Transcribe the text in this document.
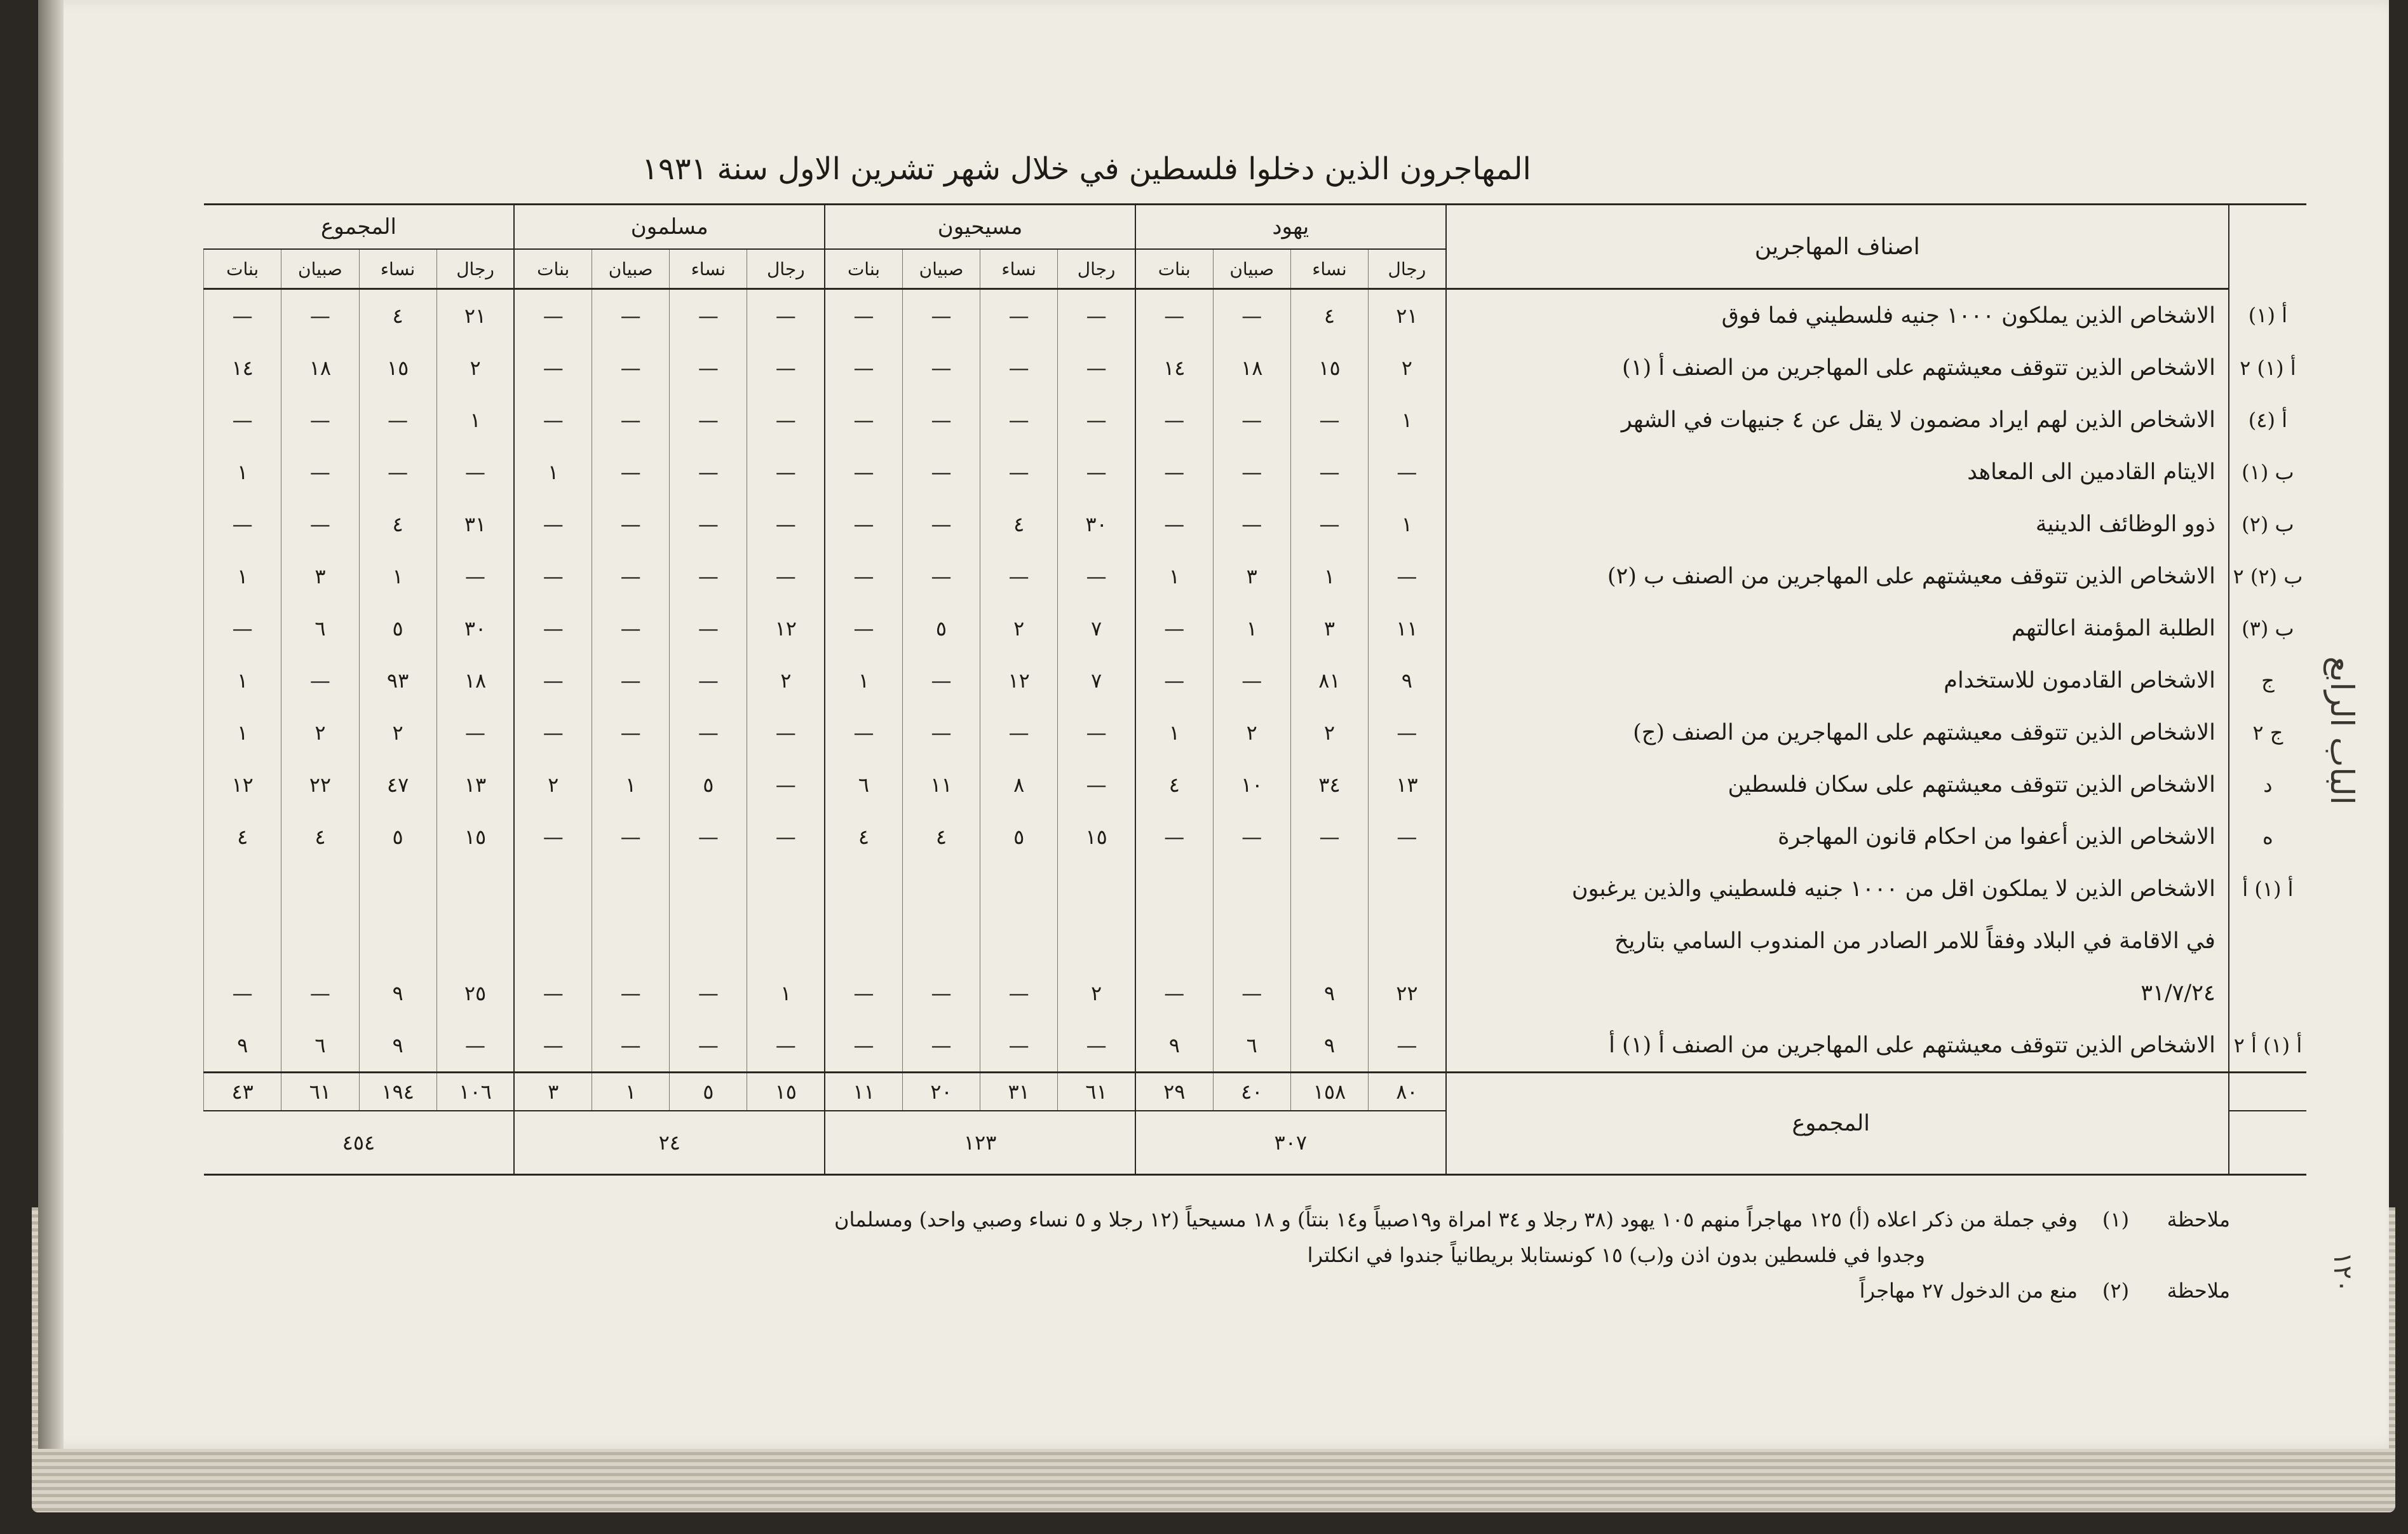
المهاجرون الذين دخلوا فلسطين في خلال شهر تشرين الاول سنة ١٩٣١
	اصناف المهاجرين	يهود				مسيحيون				مسلمون				المجموع			
		رجال	نساء	صبيان	بنات	رجال	نساء	صبيان	بنات	رجال	نساء	صبيان	بنات	رجال	نساء	صبيان	بنات
أ (١)	الاشخاص الذين يملكون ١٠٠٠ جنيه فلسطيني فما فوق	٢١	٤	—	—	—	—	—	—	—	—	—	—	٢١	٤	—	—
أ (١) ٢	الاشخاص الذين تتوقف معيشتهم على المهاجرين من الصنف أ (١)	٢	١٥	١٨	١٤	—	—	—	—	—	—	—	—	٢	١٥	١٨	١٤
أ (٤)	الاشخاص الذين لهم ايراد مضمون لا يقل عن ٤ جنيهات في الشهر	١	—	—	—	—	—	—	—	—	—	—	—	١	—	—	—
ب (١)	الايتام القادمين الى المعاهد	—	—	—	—	—	—	—	—	—	—	—	١	—	—	—	١
ب (٢)	ذوو الوظائف الدينية	١	—	—	—	٣٠	٤	—	—	—	—	—	—	٣١	٤	—	—
ب (٢) ٢	الاشخاص الذين تتوقف معيشتهم على المهاجرين من الصنف ب (٢)	—	١	٣	١	—	—	—	—	—	—	—	—	—	١	٣	١
ب (٣)	الطلبة المؤمنة اعالتهم	١١	٣	١	—	٧	٢	٥	—	١٢	—	—	—	٣٠	٥	٦	—
ج	الاشخاص القادمون للاستخدام	٩	٨١	—	—	٧	١٢	—	١	٢	—	—	—	١٨	٩٣	—	١
ج ٢	الاشخاص الذين تتوقف معيشتهم على المهاجرين من الصنف (ج)	—	٢	٢	١	—	—	—	—	—	—	—	—	—	٢	٢	١
د	الاشخاص الذين تتوقف معيشتهم على سكان فلسطين	١٣	٣٤	١٠	٤	—	٨	١١	٦	—	٥	١	٢	١٣	٤٧	٢٢	١٢
ه	الاشخاص الذين أعفوا من احكام قانون المهاجرة	—	—	—	—	١٥	٥	٤	٤	—	—	—	—	١٥	٥	٤	٤
أ (١) أ	الاشخاص الذين لا يملكون اقل من ١٠٠٠ جنيه فلسطيني والذين يرغبون																
	في الاقامة في البلاد وفقاً للامر الصادر من المندوب السامي بتاريخ																
	٣١/٧/٢٤	٢٢	٩	—	—	٢	—	—	—	١	—	—	—	٢٥	٩	—	—
أ (١) أ ٢	الاشخاص الذين تتوقف معيشتهم على المهاجرين من الصنف أ (١) أ	—	٩	٦	٩	—	—	—	—	—	—	—	—	—	٩	٦	٩
	المجموع	٨٠	١٥٨	٤٠	٢٩	٦١	٣١	٢٠	١١	١٥	٥	١	٣	١٠٦	١٩٤	٦١	٤٣
		٣٠٧				١٢٣				٢٤				٤٥٤			
ملاحظة
(١)
وفي جملة من ذكر اعلاه (أ) ١٢٥ مهاجراً منهم ١٠٥ يهود (٣٨ رجلا و ٣٤ امراة و١٩صبياً و١٤ بنتاً) و ١٨ مسيحياً (١٢ رجلا و ٥ نساء وصبي واحد) ومسلمان
وجدوا في فلسطين بدون اذن و(ب) ١٥ كونستابلا بريطانياً جندوا في انكلترا
ملاحظة
(٢)
منع من الدخول ٢٧ مهاجراً
الباب الرابع
١٢٠
